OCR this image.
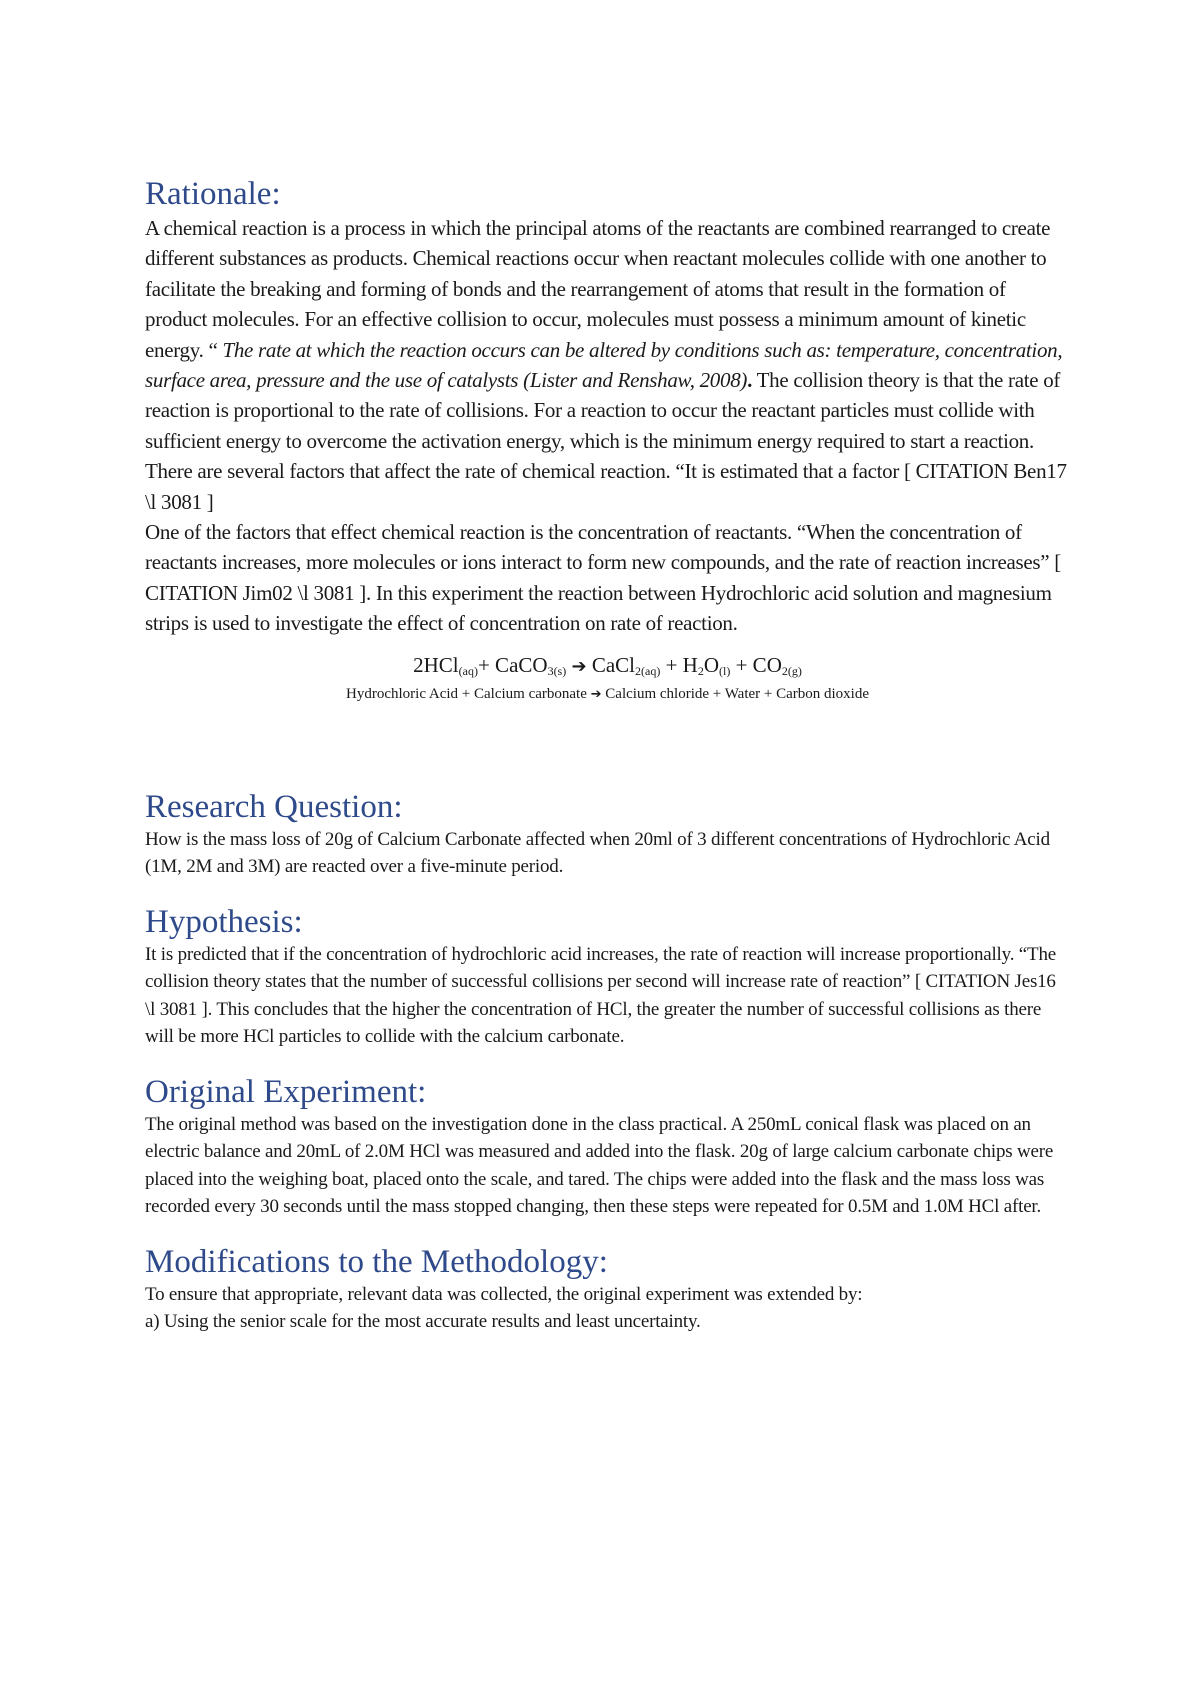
Rationale:

A chemical reaction is a process in which the principal atoms of the reactants are combined rearranged to create different substances as products. Chemical reactions occur when reactant molecules collide with one another to facilitate the breaking and forming of bonds and the rearrangement of atoms that result in the formation of product molecules. For an effective collision to occur, molecules must possess a minimum amount of kinetic energy. “ The rate at which the reaction occurs can be altered by conditions such as: temperature, concentration, surface area, pressure and the use of catalysts (Lister and Renshaw, 2008). The collision theory is that the rate of reaction is proportional to the rate of collisions. For a reaction to occur the reactant particles must collide with sufficient energy to overcome the activation energy, which is the minimum energy required to start a reaction. There are several factors that affect the rate of chemical reaction. “It is estimated that a factor [ CITATION Ben17 \l 3081 ]

One of the factors that effect chemical reaction is the concentration of reactants. “When the concentration of reactants increases, more molecules or ions interact to form new compounds, and the rate of reaction increases” [ CITATION Jim02 \l 3081 ]. In this experiment the reaction between Hydrochloric acid solution and magnesium strips is used to investigate the effect of concentration on rate of reaction.

2HCl$_{(aq)}$+ CaCO$_{3(s)}$ ➔ CaCl$_{2(aq)}$ + $H_2O_{(l)} + CO_{2(g)}$

Hydrochloric Acid + Calcium carbonate ➔ Calcium chloride + Water + Carbon dioxide

Research Question:

How is the mass loss of 20g of Calcium Carbonate affected when 20ml of 3 different concentrations of Hydrochloric Acid (1M, 2M and 3M) are reacted over a five-minute period.

Hypothesis:

It is predicted that if the concentration of hydrochloric acid increases, the rate of reaction will increase proportionally. “The collision theory states that the number of successful collisions per second will increase rate of reaction” [ CITATION Jes16 \l 3081 ]. This concludes that the higher the concentration of HCl, the greater the number of successful collisions as there will be more HCl particles to collide with the calcium carbonate.

Original Experiment:

The original method was based on the investigation done in the class practical. A 250mL conical flask was placed on an electric balance and 20mL of 2.0M HCl was measured and added into the flask. 20g of large calcium carbonate chips were placed into the weighing boat, placed onto the scale, and tared. The chips were added into the flask and the mass loss was recorded every 30 seconds until the mass stopped changing, then these steps were repeated for 0.5M and 1.0M HCl after.

Modifications to the Methodology:

To ensure that appropriate, relevant data was collected, the original experiment was extended by:

a) Using the senior scale for the most accurate results and least uncertainty.
